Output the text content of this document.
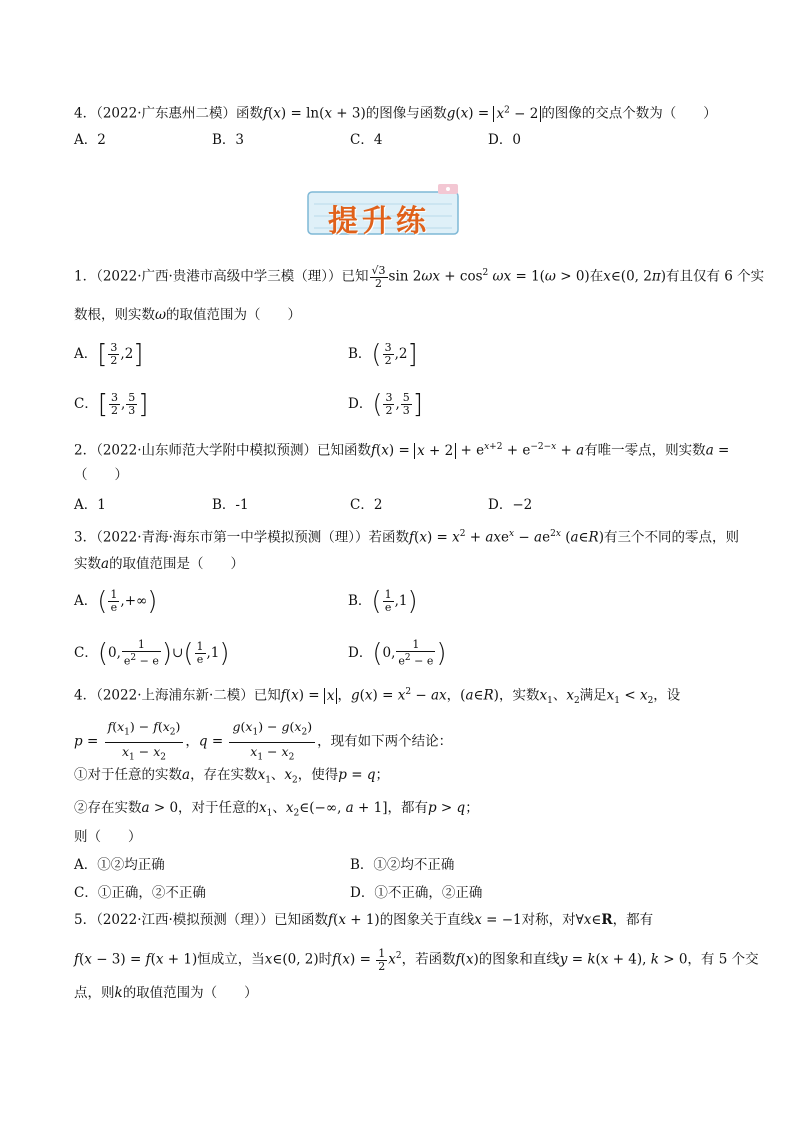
4．（2022·广东惠州二模）函数f(x) = ln(x + 3)的图像与函数$g(x) = x^2 - 2$ 的图像的交点个数为（　　）
A．2	B．3	C．4	D．0
提升练
1．（2022·广西·贵港市高级中学三模（理））已知 $\frac{√3}{2}$ $\sin 2\omega x + \cos^2 \omega x = 1(\omega > 0)$在x∈(0, 2π)有且仅有 6 个实
数根，则实数ω的取值范围为（　　）
A．[ $\frac{3}{2} ,2$]	B．( $\frac{3}{2} ,2$]
C．[ $\frac{3}{2}$ , $\frac{5}{3}$ ]	D．( $\frac{3}{2}$ , $\frac{5}{3}$ ]
2．（2022·山东师范大学附中模拟预测）已知函数$f(x) = x + 2 + e^{x+2} + e^{-2-x} + a$有唯一零点，则实数a =
（　　）
A．1	B．-1	C．2	D．−2
3．（2022·青海·海东市第一中学模拟预测（理））若函数$f(x) = x^2 + axe^x - ae^{2x}$ (a∈R)有三个不同的零点，则
实数a的取值范围是（　　）
A．( $\frac{1}{e}$ ,+∞)	B．( $\frac{1}{e} ,1$)
C．(0, $\frac{1}{e^2 - e}$ )∪( $\frac{1}{e} ,1$)	D．(0, $\frac{1}{e^2 - e}$ )
4．（2022·上海浦东新·二模）已知f(x) = x ，$g(x) = x^2$ − ax，(a∈R)，实数$x_1$、$x_2$满足$x_1 < x_2$，设
$p = \frac{f(x_1) - f(x_2)}{x_1 - x_2}$ ，$q = \frac{g(x_1) - g(x_2)}{x_1 - x_2}$ ，现有如下两个结论：
①对于任意的实数a，存在实数$x_1$、$x_2$，使得p = q；
②存在实数a > 0，对于任意的$x_1$、$x_2\in(-\infty$, a + 1]，都有p > q；
则（　　）
A．①②均正确	B．①②均不正确
C．①正确，②不正确	D．①不正确，②正确
5．（2022·江西·模拟预测（理））已知函数f(x + 1)的图象关于直线x = −1对称，对∀x∈R，都有
f(x − 3) = f(x + 1)恒成立，当x∈(0, 2)时$f(x) = \frac{1}{2} x^2$，若函数f(x)的图象和直线y = k(x + 4), k > 0，有 5 个交
点，则k的取值范围为（　　）
